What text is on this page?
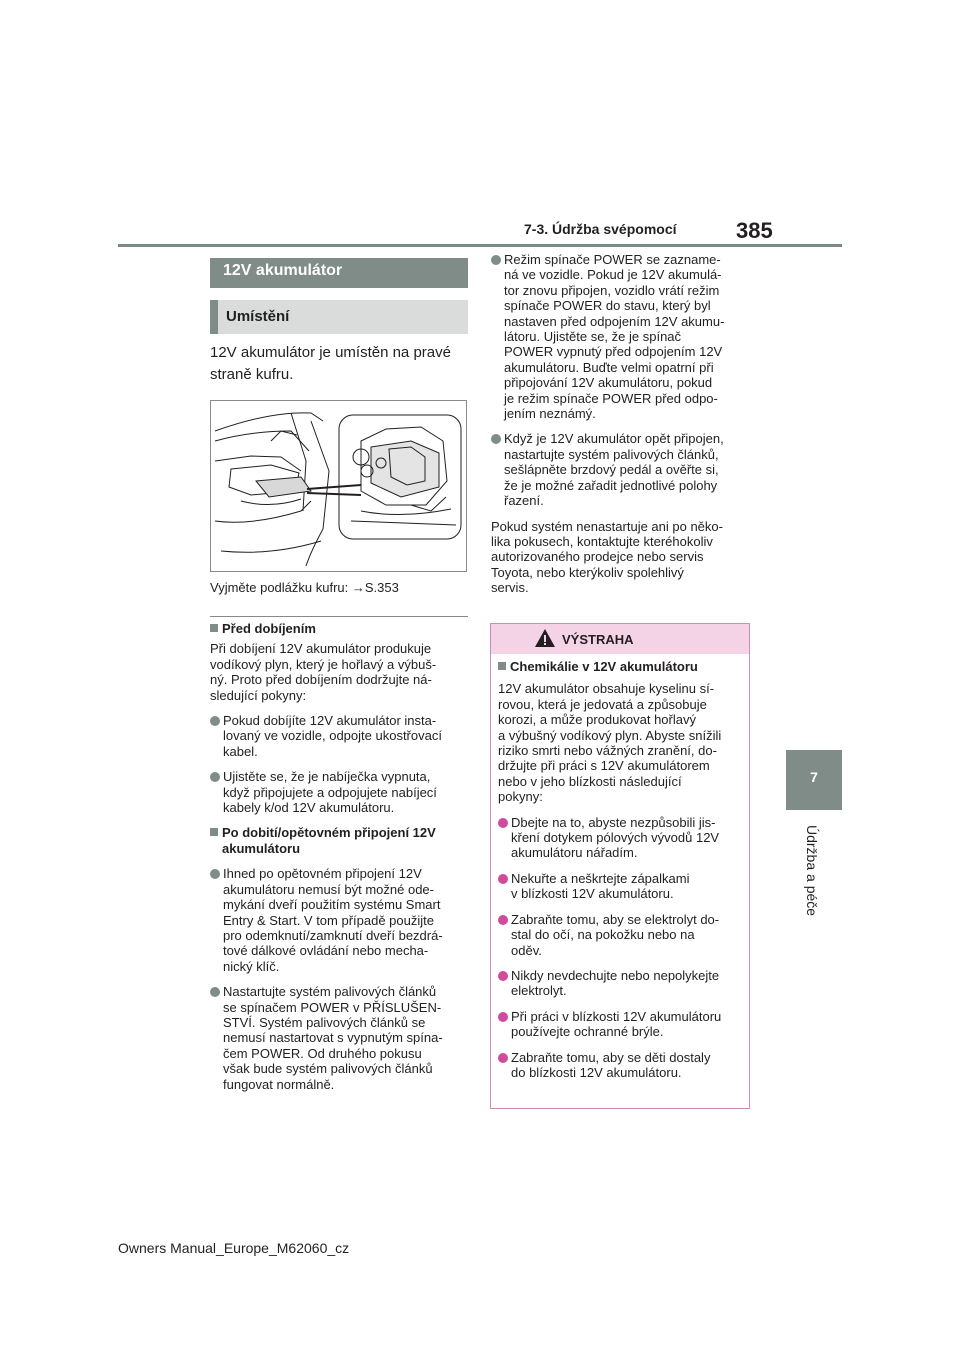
7-3. Údržba svépomocí	385
7
Údržba a péče
12V akumulátor
Umístění
12V akumulátor je umístěn na pravé
straně kufru.
Vyjměte podlážku kufru: →S.353
Před dobíjením
Při dobíjení 12V akumulátor produkuje
vodíkový plyn, který je hořlavý a výbuš-
ný. Proto před dobíjením dodržujte ná-
sledující pokyny:
Pokud dobíjíte 12V akumulátor insta-
lovaný ve vozidle, odpojte ukostřovací
kabel.
Ujistěte se, že je nabíječka vypnuta,
když připojujete a odpojujete nabíjecí
kabely k/od 12V akumulátoru.
Po dobití/opětovném připojení 12V
akumulátoru
Ihned po opětovném připojení 12V
akumulátoru nemusí být možné ode-
mykání dveří použitím systému Smart
Entry & Start. V tom případě použijte
pro odemknutí/zamknutí dveří bezdrá-
tové dálkové ovládání nebo mecha-
nický klíč.
Nastartujte systém palivových článků
se spínačem POWER v PŘÍSLUŠEN-
STVÍ. Systém palivových článků se
nemusí nastartovat s vypnutým spína-
čem POWER. Od druhého pokusu
však bude systém palivových článků
fungovat normálně.
Režim spínače POWER se zazname-
ná ve vozidle. Pokud je 12V akumulá-
tor znovu připojen, vozidlo vrátí režim
spínače POWER do stavu, který byl
nastaven před odpojením 12V akumu-
látoru. Ujistěte se, že je spínač
POWER vypnutý před odpojením 12V
akumulátoru. Buďte velmi opatrní při
připojování 12V akumulátoru, pokud
je režim spínače POWER před odpo-
jením neznámý.
Když je 12V akumulátor opět připojen,
nastartujte systém palivových článků,
sešlápněte brzdový pedál a ověřte si,
že je možné zařadit jednotlivé polohy
řazení.
Pokud systém nenastartuje ani po něko-
lika pokusech, kontaktujte kteréhokoliv
autorizovaného prodejce nebo servis
Toyota, nebo kterýkoliv spolehlivý
servis.
VÝSTRAHA
Chemikálie v 12V akumulátoru
12V akumulátor obsahuje kyselinu sí-
rovou, která je jedovatá a způsobuje
korozi, a může produkovat hořlavý
a výbušný vodíkový plyn. Abyste snížili
riziko smrti nebo vážných zranění, do-
držujte při práci s 12V akumulátorem
nebo v jeho blízkosti následující
pokyny:
Dbejte na to, abyste nezpůsobili jis-
kření dotykem pólových vývodů 12V
akumulátoru nářadím.
Nekuřte a neškrtejte zápalkami
v blízkosti 12V akumulátoru.
Zabraňte tomu, aby se elektrolyt do-
stal do očí, na pokožku nebo na
oděv.
Nikdy nevdechujte nebo nepolykejte
elektrolyt.
Při práci v blízkosti 12V akumulátoru
používejte ochranné brýle.
Zabraňte tomu, aby se děti dostaly
do blízkosti 12V akumulátoru.
Owners Manual_Europe_M62060_cz
